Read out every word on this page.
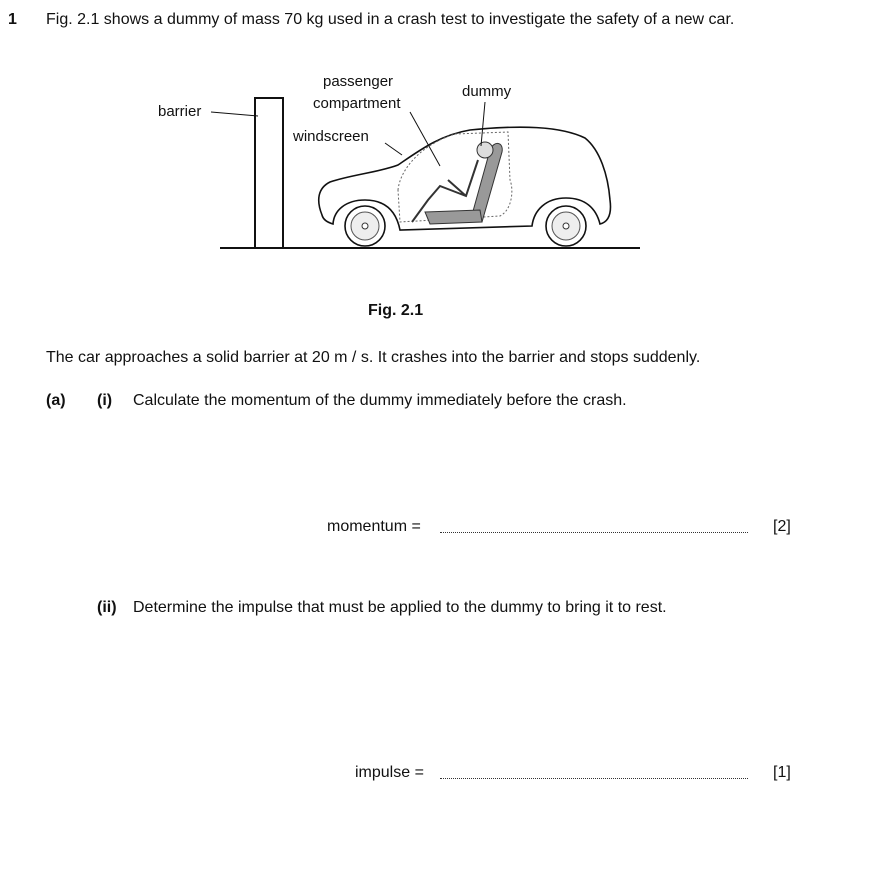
1 Fig. 2.1 shows a dummy of mass 70 kg used in a crash test to investigate the safety of a new car.
barrier
passenger
compartment
dummy
windscreen
Fig. 2.1
The car approaches a solid barrier at 20 m / s. It crashes into the barrier and stops suddenly.
(a) (i) Calculate the momentum of the dummy immediately before the crash.
momentum =	[2]
(ii) Determine the impulse that must be applied to the dummy to bring it to rest.
impulse =	[1]
